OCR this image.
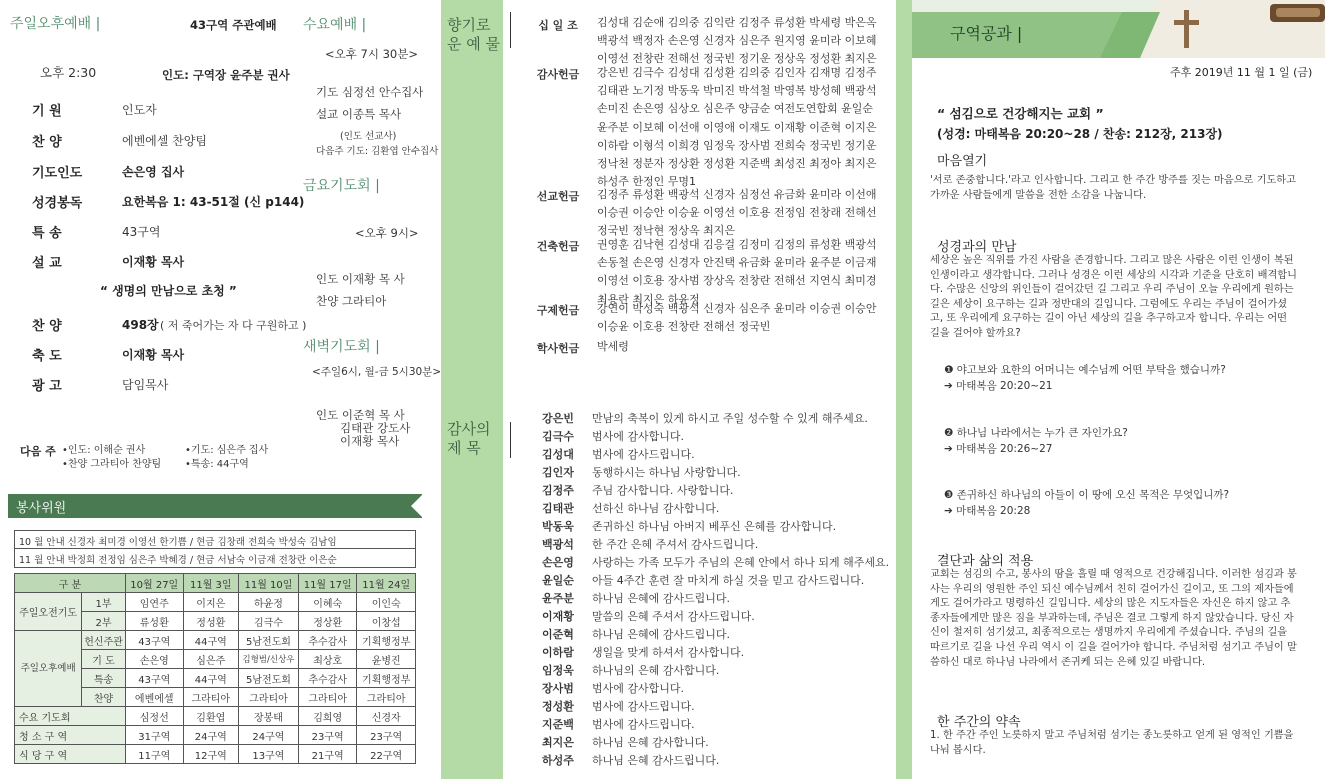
주일오후예배 |	43구역 주관예배
오후 2:30	인도: 구역장 윤주분 권사
기 원	인도자
찬 양	에벤에셀 찬양팀
기도인도	손은영 집사
성경봉독	요한복음 1: 43-51절 (신 p144)
특 송	43구역
설 교	이재황 목사
“ 생명의 만남으로 초청 ”
찬 양	498장 ( 저 죽어가는 자 다 구원하고 )
축 도	이재황 목사
광 고	담임목사
수요예배 |
<오후 7시 30분>
기도 심정선 안수집사
설교 이종특 목사
(인도 선교사)
다음주 기도: 김환엽 안수집사
금요기도회 |
<오후 9시>
인도 이재황 목 사
찬양 그라티아
새벽기도회 |
<주일6시, 월-금 5시30분>
인도 이준혁 목 사
김태관 강도사
이재황 목사
다음 주 •인도: 이해순 권사
•찬양 그라티아 찬양팀
•기도: 심은주 집사
•특송: 44구역
봉사위원
10 월 안내 신경자 최미경 이영선 한기쁨 / 현금 김창래 전희숙 박성숙 김남임
11 월 안내 박정희 전정임 심은주 박혜경 / 현금 서남숙 이금재 전창란 이은순
구 분		10월 27일	11월 3일	11월 10일	11월 17일	11월 24일
주일오전기도	1부	임연주	이지은	하윤정	이혜숙	이인숙
	2부	류성환	정성환	김극수	정상환	이창섭
주일오후예배	헌신주관	43구역	44구역	5남전도회	추수감사	기획행정부
	기 도	손은영	심은주	김형범/신상우	최상호	윤병진
	특송	43구역	44구역	5남전도회	추수감사	기획행정부
	찬양	에벤에셀	그라티아	그라티아	그라티아	그라티아
수요 기도회		심정선	김환엽	장봉태	김희영	신경자
청 소 구 역		31구역	24구역	24구역	23구역	23구역
식 당 구 역		11구역	12구역	13구역	21구역	22구역
향기로운 예 물
감사의 제 목
십 일 조	김성대 김순애 김의중 김익란 김정주 류성환 박세령 박은옥 백광석 백정자 손은영 신경자 심은주 원지영 윤미라 이보혜 이영선 전창란 전해선 정국빈 정기운 정상옥 정성환 최지은
감사헌금	강은빈 김극수 김성대 김성환 김의중 김인자 김재명 김정주 김태관 노기정 박동욱 박미진 박석철 박영복 방성혜 백광석 손미진 손은영 심상오 심은주 양금순 여전도연합회 윤일순 윤주분 이보혜 이선애 이영애 이재도 이재황 이준혁 이지은 이하람 이형석 이희경 임정욱 장사범 전희숙 정국빈 정기운 정낙천 정분자 정상환 정성환 지준백 최성진 최정아 최지은 하성주 한정인 무명1
선교헌금	김정주 류성환 백광석 신경자 심정선 유금화 윤미라 이선애 이승권 이승안 이승윤 이영선 이호용 전정임 전창래 전해선 정국빈 정낙현 정상옥 최지은
건축헌금	권영훈 김낙현 김성대 김응걸 김정미 김정의 류성환 백광석 손동철 손은영 신경자 안진택 유금화 윤미라 윤주분 이금재 이영선 이호용 장사범 장상옥 전창란 전해선 지연식 최미경 최용란 최지은 하윤정
구제헌금	강연이 박성숙 백광석 신경자 심은주 윤미라 이승권 이승안 이승윤 이호용 전창란 전해선 정국빈
학사헌금	박세령
강은빈	만남의 축복이 있게 하시고 주일 성수할 수 있게 해주세요.
김극수	범사에 감사합니다.
김성대	범사에 감사드립니다.
김인자	동행하시는 하나님 사랑합니다.
김정주	주님 감사합니다. 사랑합니다.
김태관	선하신 하나님 감사합니다.
박동욱	존귀하신 하나님 아버지 베푸신 은혜를 감사합니다.
백광석	한 주간 은혜 주셔서 감사드립니다.
손은영	사랑하는 가족 모두가 주님의 은혜 안에서 하나 되게 해주세요.
윤일순	아들 4주간 훈련 잘 마치게 하실 것을 믿고 감사드립니다.
윤주분	하나님 은혜에 감사드립니다.
이재황	말씀의 은혜 주셔서 감사드립니다.
이준혁	하나님 은혜에 감사드립니다.
이하람	생일을 맞게 하셔서 감사합니다.
임정욱	하나님의 은혜 감사합니다.
장사범	범사에 감사합니다.
정성환	범사에 감사드립니다.
지준백	범사에 감사드립니다.
최지은	하나님 은혜 감사합니다.
하성주	하나님 은혜 감사드립니다.
구역공과 |
주후 2019년 11 월 1 일 (금)
“ 섬김으로 건강해지는 교회 ”
(성경: 마태복음 20:20~28 / 찬송: 212장, 213장)
마음열기
'서로 존중합니다.'라고 인사합니다. 그리고 한 주간 방주를 짓는 마음으로 기도하고 가까운 사람들에게 말씀을 전한 소감을 나눕니다.
성경과의 만남
세상은 높은 직위를 가진 사람을 존경합니다. 그리고 많은 사람은 이런 인생이 복된 인생이라고 생각합니다. 그러나 성경은 이런 세상의 시각과 기준을 단호히 배격합니다. 수많은 신앙의 위인들이 걸어갔던 길 그리고 우리 주님이 오늘 우리에게 원하는 길은 세상이 요구하는 길과 정반대의 길입니다. 그럼에도 우리는 주님이 걸어가셨고, 또 우리에게 요구하는 길이 아닌 세상의 길을 추구하고자 합니다. 우리는 어떤 길을 걸어야 할까요?
❶ 야고보와 요한의 어머니는 예수님께 어떤 부탁을 했습니까?
➔ 마태복음 20:20~21
❷ 하나님 나라에서는 누가 큰 자인가요?
➔ 마태복음 20:26~27
❸ 존귀하신 하나님의 아들이 이 땅에 오신 목적은 무엇입니까?
➔ 마태복음 20:28
결단과 삶의 적용
교회는 섬김의 수고, 봉사의 땀을 흘릴 때 영적으로 건강해집니다. 이러한 섬김과 봉사는 우리의 영원한 주인 되신 예수님께서 친히 걸어가신 길이고, 또 그의 제자들에게도 걸어가라고 명령하신 길입니다. 세상의 많은 지도자들은 자신은 하지 않고 추종자들에게만 많은 짐을 부과하는데, 주님은 결코 그렇게 하지 않았습니다. 당신 자신이 철저히 섬기셨고, 최종적으로는 생명까지 우리에게 주셨습니다. 주님의 길을 따르기로 길을 나선 우리 역시 이 길을 걸어가야 합니다. 주님처럼 섬기고 주님이 말씀하신 대로 하나님 나라에서 존귀케 되는 은혜 있길 바랍니다.
한 주간의 약속
1. 한 주간 주인 노릇하지 말고 주님처럼 섬기는 종노릇하고 얻게 된 영적인 기쁨을 나눠 봅시다.
